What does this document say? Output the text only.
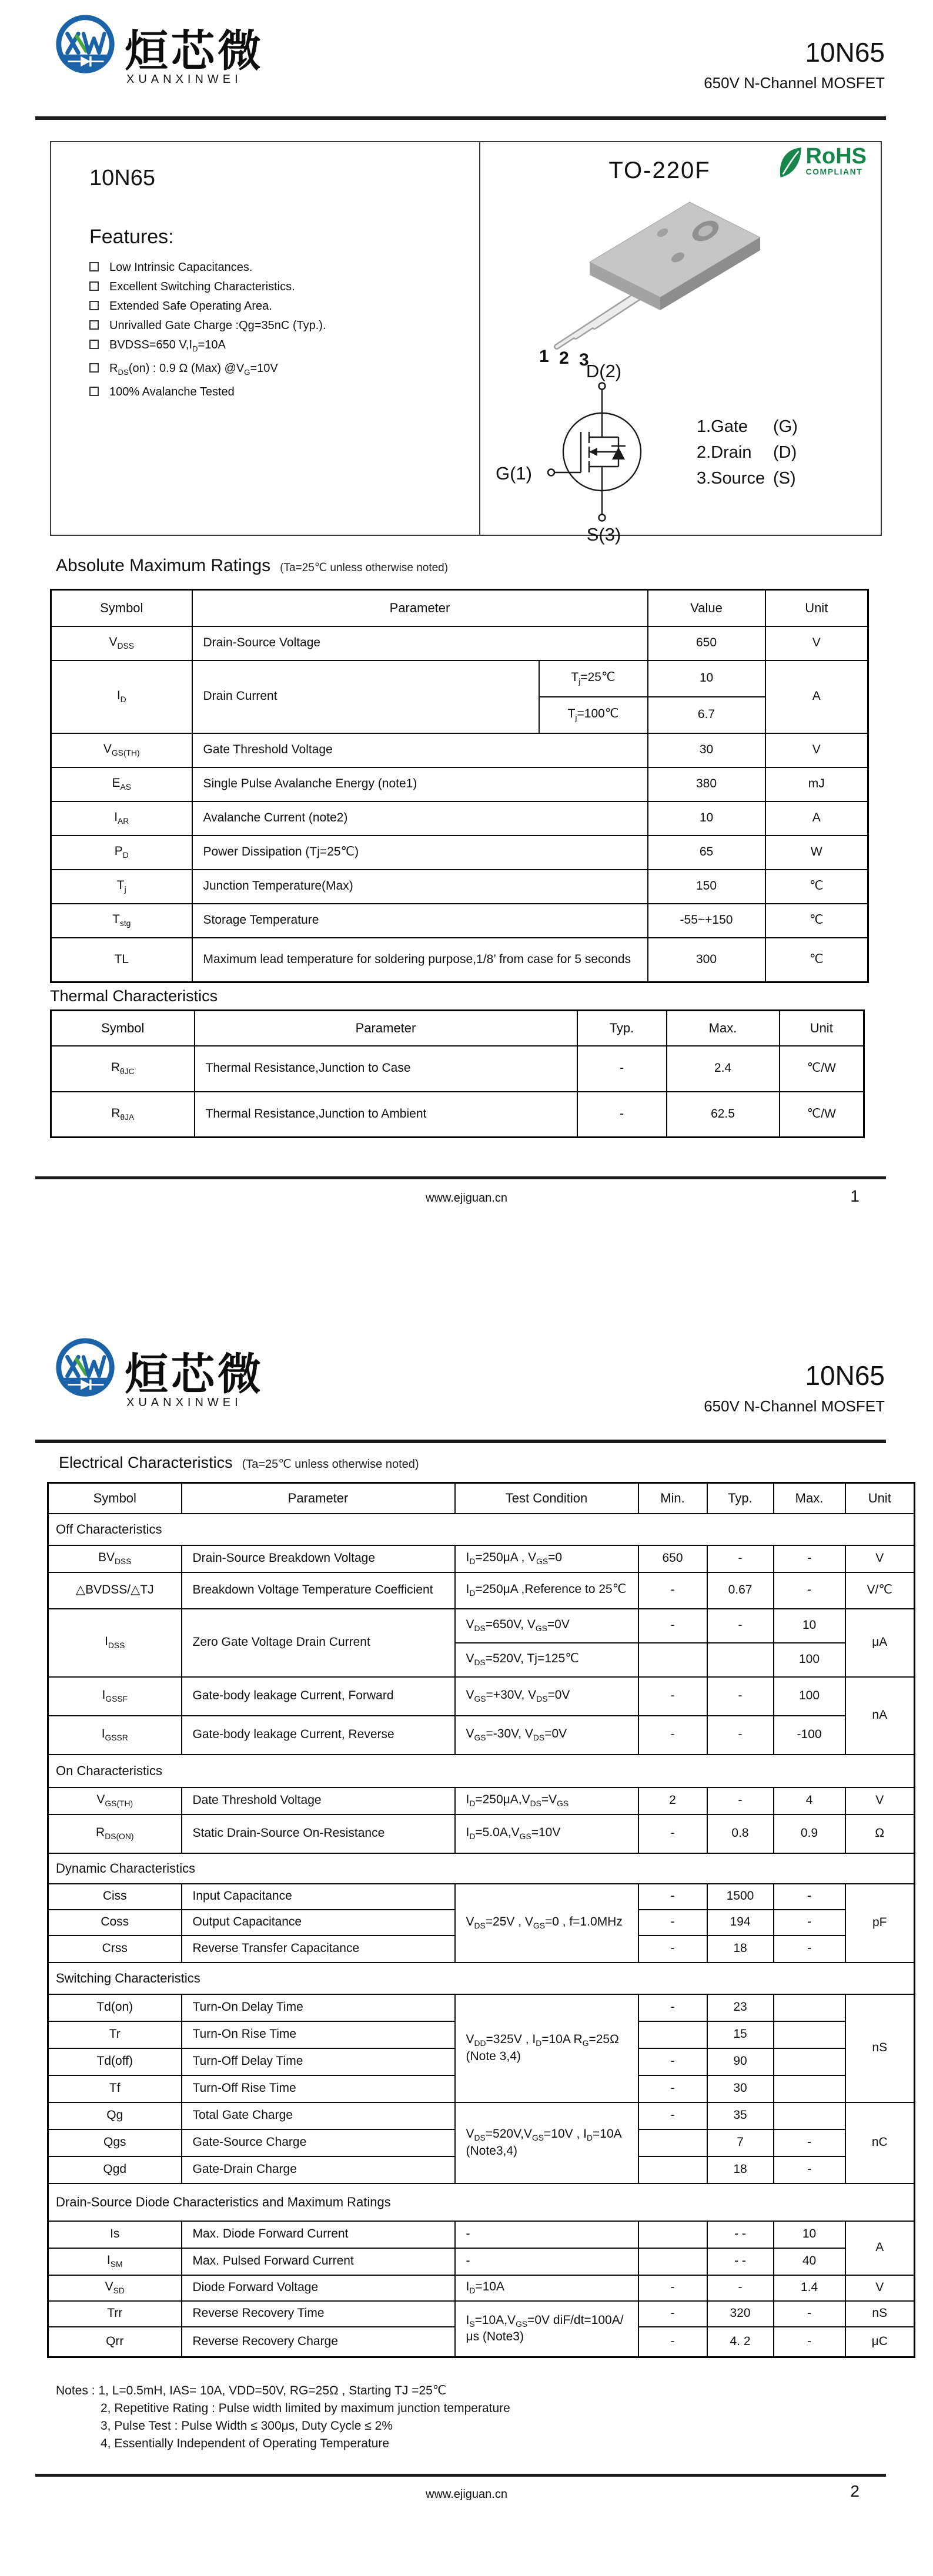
烜芯微
XUANXINWEI
10N65
650V N-Channel MOSFET
10N65
Features:
Low Intrinsic Capacitances.
Excellent Switching Characteristics.
Extended Safe Operating Area.
Unrivalled Gate Charge :Qg=35nC (Typ.).
BVDSS=650 $V,I_D=10A$
$R_{DS}(on)$ : 0.9 Ω (Max) $@V_G=10V$
100% Avalanche Tested
TO-220F
RoHS
COMPLIANT
1 2 3
D(2)
G(1)
S(3)
1.Gate	(G)
2.Drain	(D)
3.Source (S)
Absolute Maximum Ratings (Ta=25℃ unless otherwise noted)
Symbol	Parameter		Value	Unit
$V_{DSS}$	Drain-Source Voltage		650	V
$I_D$	Drain Current	$T_j=25℃$	10	A
		$T_j=100℃$	6.7	
$V_{GS(TH)}$	Gate Threshold Voltage		30	V
$E_{AS}$	Single Pulse Avalanche Energy (note1)		380	mJ
$I_{AR}$	Avalanche Current (note2)		10	A
$P_D$	Power Dissipation (Tj=25℃)		65	W
$T_j$	Junction Temperature(Max)		150	℃
$T_{stg}$	Storage Temperature		-55~+150	℃
TL	Maximum lead temperature for soldering purpose,1/8’ from case for 5 seconds		300	℃
Thermal Characteristics
Symbol	Parameter	Typ.	Max.	Unit
$R_{\theta JC}$	Thermal Resistance,Junction to Case	-	2.4	℃/W
$R_{\theta JA}$	Thermal Resistance,Junction to Ambient	-	62.5	℃/W
www.ejiguan.cn	1
烜芯微
XUANXINWEI
10N65
650V N-Channel MOSFET
Electrical Characteristics (Ta=25℃ unless otherwise noted)
Symbol	Parameter	Test Condition	Min.	Typ.	Max.	Unit
Off Characteristics						
$BV_{DSS}$	Drain-Source Breakdown Voltage	$I_D=250\mu A$ , $V_{GS}=0$	650	-	-	V
△BVDSS/△TJ	Breakdown Voltage Temperature Coefficient	$I_D=250\mu A$ ,Reference to 25℃	-	0.67	-	V/℃
$I_{DSS}$	Zero Gate Voltage Drain Current	$V_{DS}=650V$, $V_{GS}=0V$	-	-	10	μA
		$V_{DS}=520V$, Tj=125℃			100	
$I_{GSSF}$	Gate-body leakage Current, Forward	$V_{GS}=+30V$, $V_{DS}=0V$	-	-	100	nA
$I_{GSSR}$	Gate-body leakage Current, Reverse	$V_{GS}=-30V$, $V_{DS}=0V$	-	-	-100	
On Characteristics						
$V_{GS(TH)}$	Date Threshold Voltage	$I_D=250\mu A,V_{DS}=V_{GS}$	2	-	4	V
$R_{DS(ON)}$	Static Drain-Source On-Resistance	$I_D=5.0A,V_{GS}=10V$	-	0.8	0.9	Ω
Dynamic Characteristics						
Ciss	Input Capacitance	$V_{DS}=25V$ , $V_{GS}=0$ , f=1.0MHz	-	1500	-	pF
Coss	Output Capacitance		-	194	-	
Crss	Reverse Transfer Capacitance		-	18	-	
Switching Characteristics						
Td(on)	Turn-On Delay Time	$V_{DD}=325V$ , $I_D=10A$ $R_G=25\Omega$ (Note 3,4)	-	23		nS
Tr	Turn-On Rise Time			15		
Td(off)	Turn-Off Delay Time		-	90		
Tf	Turn-Off Rise Time		-	30		
Qg	Total Gate Charge	$V_{DS}=520V,V_{GS}=10V$ , $I_D=10A$ (Note3,4)	-	35		nC
Qgs	Gate-Source Charge			7	-	
Qgd	Gate-Drain Charge			18	-	
Drain-Source Diode Characteristics and Maximum Ratings						
Is	Max. Diode Forward Current	-		- -	10	A
$I_{SM}$	Max. Pulsed Forward Current	-		- -	40	
$V_{SD}$	Diode Forward Voltage	$I_D=10A$	-	-	1.4	V
Trr	Reverse Recovery Time	$I_S=10A,V_{GS}=0V$ diF/dt=100A/μs (Note3)	-	320	-	nS
Qrr	Reverse Recovery Charge		-	4. 2	-	μC
Notes : 1, L=0.5mH, IAS= 10A, VDD=50V, RG=25Ω , Starting TJ =25℃
2, Repetitive Rating : Pulse width limited by maximum junction temperature
3, Pulse Test : Pulse Width ≤ 300μs, Duty Cycle ≤ 2%
4, Essentially Independent of Operating Temperature
www.ejiguan.cn	2
